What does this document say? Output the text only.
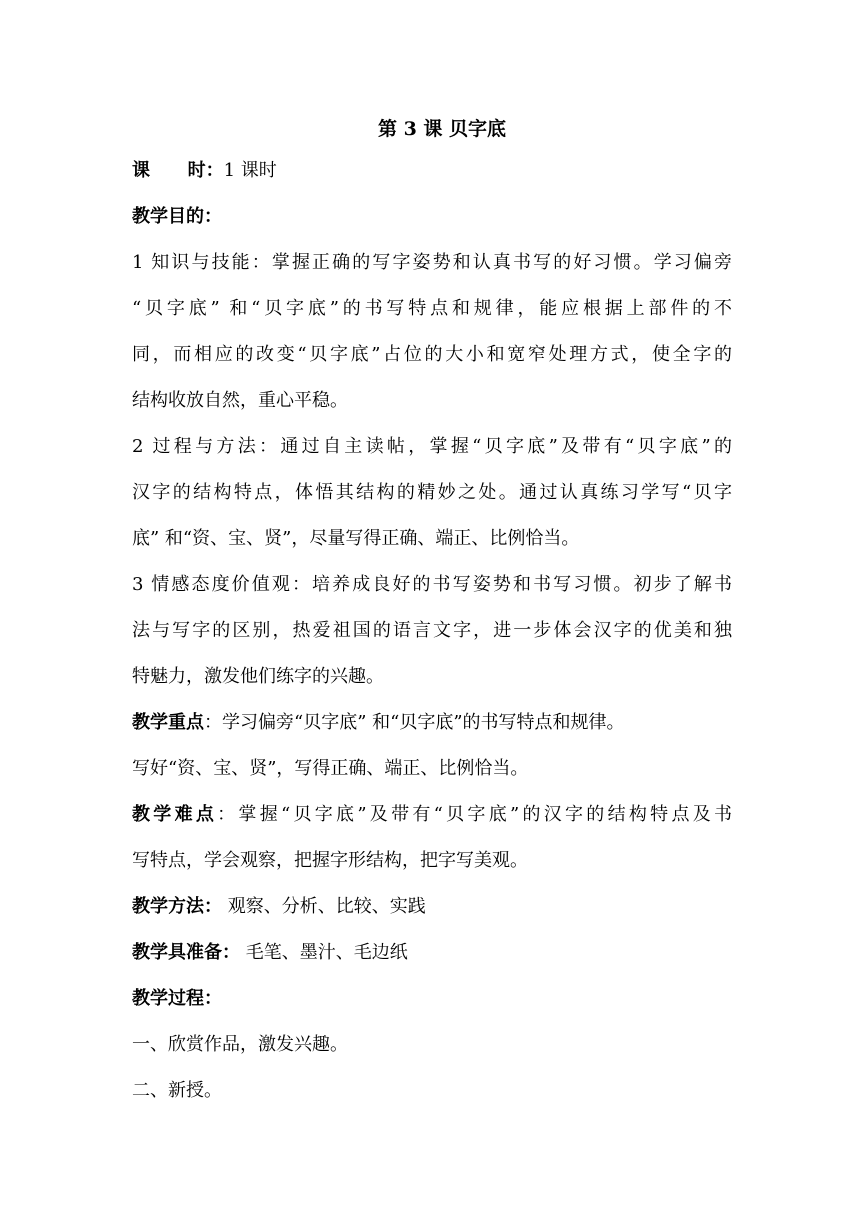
第 3 课 贝字底

课      时：1 课时

教学目的：

1 知识与技能：掌握正确的写字姿势和认真书写的好习惯。学习偏旁
“贝字底” 和“贝字底”的书写特点和规律，能应根据上部件的不
同，而相应的改变“贝字底”占位的大小和宽窄处理方式，使全字的
结构收放自然，重心平稳。
2 过程与方法：通过自主读帖，掌握“贝字底”及带有“贝字底”的
汉字的结构特点，体悟其结构的精妙之处。通过认真练习学写“贝字
底” 和“资、宝、贤”，尽量写得正确、端正、比例恰当。
3 情感态度价值观：培养成良好的书写姿势和书写习惯。初步了解书
法与写字的区别，热爱祖国的语言文字，进一步体会汉字的优美和独
特魅力，激发他们练字的兴趣。
教学重点：学习偏旁“贝字底” 和“贝字底”的书写特点和规律。
写好“资、宝、贤”，写得正确、端正、比例恰当。
教学难点：掌握“贝字底”及带有“贝字底”的汉字的结构特点及书
写特点，学会观察，把握字形结构，把字写美观。

教学方法： 观察、分析、比较、实践

教学具准备： 毛笔、墨汁、毛边纸

教学过程：

一、欣赏作品，激发兴趣。

二、新授。
